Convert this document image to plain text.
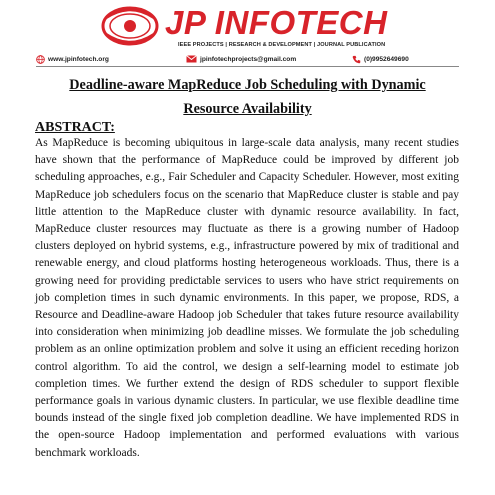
JP INFOTECH
IEEE PROJECTS | RESEARCH & DEVELOPMENT | JOURNAL PUBLICATION
www.jpinfotech.org	jpinfotechprojects@gmail.com	(0)9952649690
Deadline-aware MapReduce Job Scheduling with Dynamic Resource Availability
ABSTRACT:

As MapReduce is becoming ubiquitous in large-scale data analysis, many recent studies have shown that the performance of MapReduce could be improved by different job scheduling approaches, e.g., Fair Scheduler and Capacity Scheduler. However, most exiting MapReduce job schedulers focus on the scenario that MapReduce cluster is stable and pay little attention to the MapReduce cluster with dynamic resource availability. In fact, MapReduce cluster resources may fluctuate as there is a growing number of Hadoop clusters deployed on hybrid systems, e.g., infrastructure powered by mix of traditional and renewable energy, and cloud platforms hosting heterogeneous workloads. Thus, there is a growing need for providing predictable services to users who have strict requirements on job completion times in such dynamic environments. In this paper, we propose, RDS, a Resource and Deadline-aware Hadoop job Scheduler that takes future resource availability into consideration when minimizing job deadline misses. We formulate the job scheduling problem as an online optimization problem and solve it using an efficient receding horizon control algorithm. To aid the control, we design a self-learning model to estimate job completion times. We further extend the design of RDS scheduler to support flexible performance goals in various dynamic clusters. In particular, we use flexible deadline time bounds instead of the single fixed job completion deadline. We have implemented RDS in the open-source Hadoop implementation and performed evaluations with various benchmark workloads.
